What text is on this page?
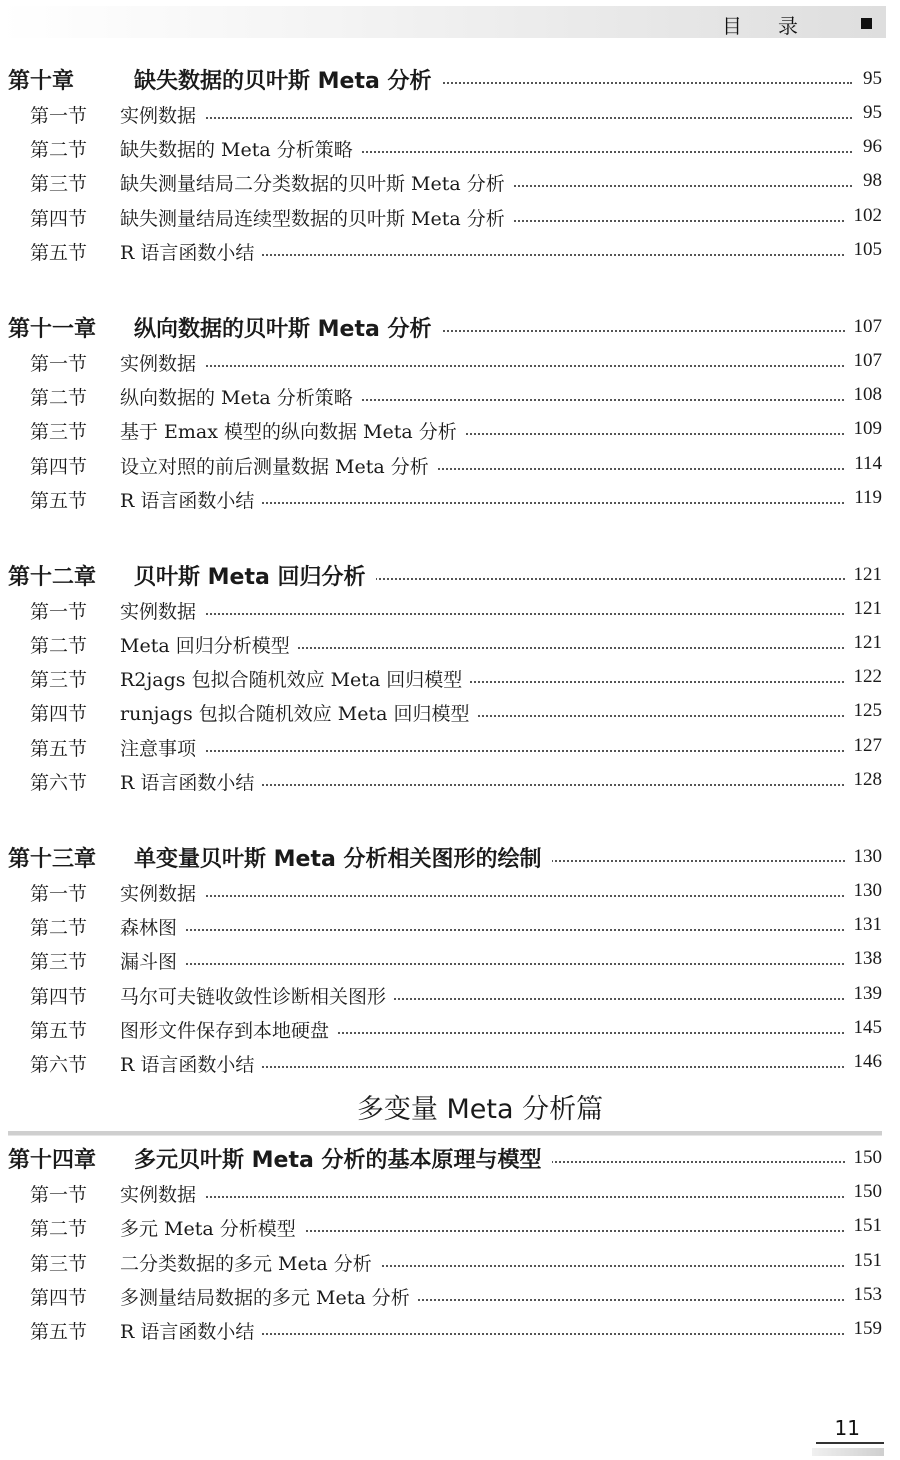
目录
第十章	缺失数据的贝叶斯 Meta 分析	95
第一节 实例数据	95
第二节 缺失数据的 Meta 分析策略	96
第三节 缺失测量结局二分类数据的贝叶斯 Meta 分析	98
第四节 缺失测量结局连续型数据的贝叶斯 Meta 分析	102
第五节 R 语言函数小结	105
第十一章 纵向数据的贝叶斯 Meta 分析	107
第一节 实例数据	107
第二节 纵向数据的 Meta 分析策略	108
第三节 基于 Emax 模型的纵向数据 Meta 分析	109
第四节 设立对照的前后测量数据 Meta 分析	114
第五节 R 语言函数小结	119
第十二章 贝叶斯 Meta 回归分析	121
第一节 实例数据	121
第二节 Meta 回归分析模型	121
第三节 R2jags 包拟合随机效应 Meta 回归模型	122
第四节 runjags 包拟合随机效应 Meta 回归模型	125
第五节 注意事项	127
第六节 R 语言函数小结	128
第十三章 单变量贝叶斯 Meta 分析相关图形的绘制	130
第一节 实例数据	130
第二节 森林图	131
第三节 漏斗图	138
第四节 马尔可夫链收敛性诊断相关图形	139
第五节 图形文件保存到本地硬盘	145
第六节 R 语言函数小结	146
多变量 Meta 分析篇
第十四章 多元贝叶斯 Meta 分析的基本原理与模型	150
第一节 实例数据	150
第二节 多元 Meta 分析模型	151
第三节 二分类数据的多元 Meta 分析	151
第四节 多测量结局数据的多元 Meta 分析	153
第五节 R 语言函数小结	159
11
